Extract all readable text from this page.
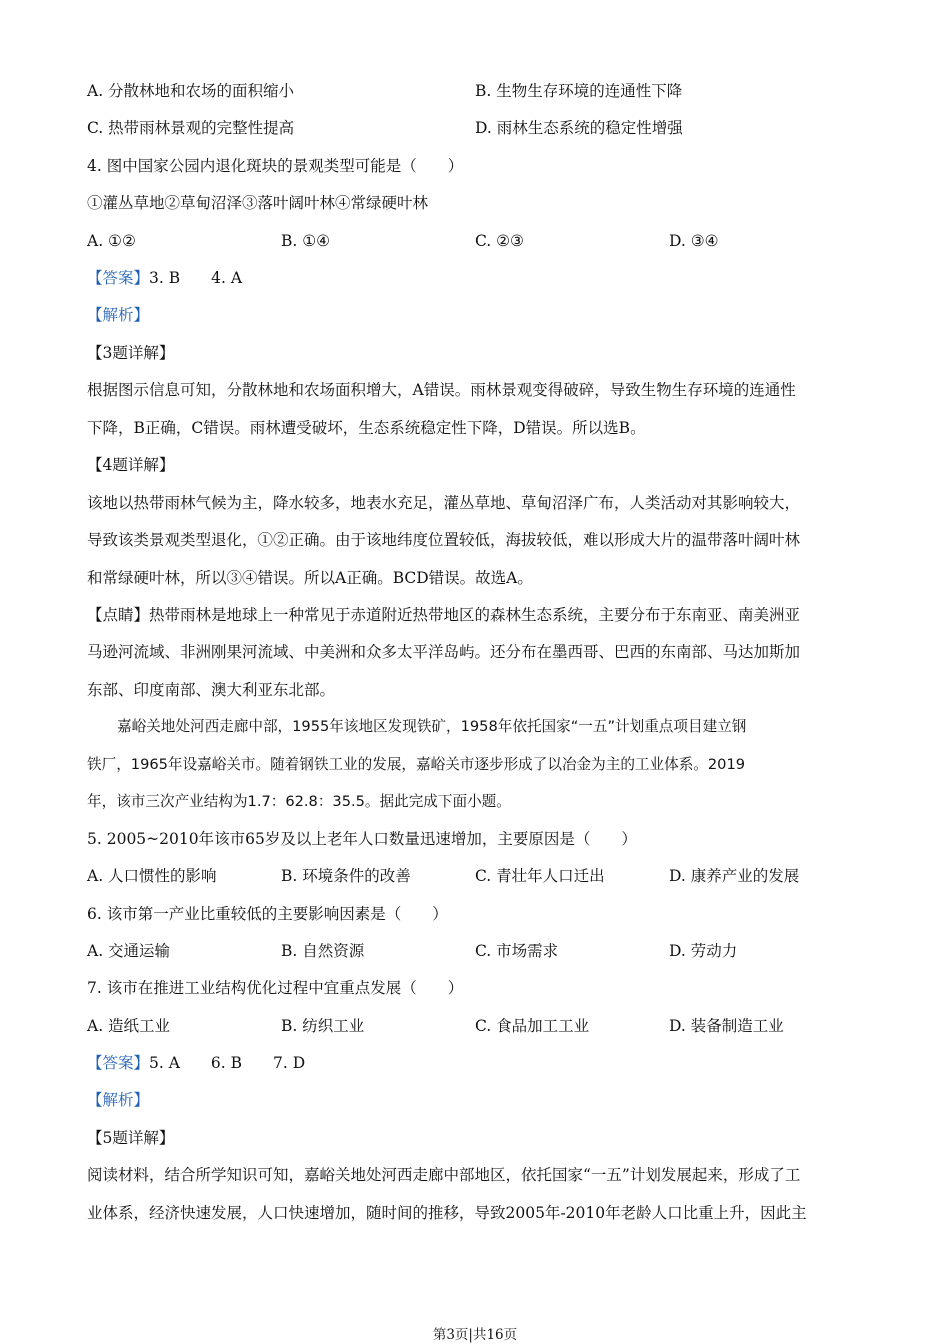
A. 分散林地和农场的面积缩小	B. 生物生存环境的连通性下降
C. 热带雨林景观的完整性提高	D. 雨林生态系统的稳定性增强
4. 图中国家公园内退化斑块的景观类型可能是（　　）
①灌丛草地②草甸沼泽③落叶阔叶林④常绿硬叶林
A. ①②	B. ①④	C. ②③	D. ③④
【答案】3. B　　4. A
【解析】
【3题详解】
根据图示信息可知，分散林地和农场面积增大，A错误。雨林景观变得破碎，导致生物生存环境的连通性
下降，B正确，C错误。雨林遭受破坏，生态系统稳定性下降，D错误。所以选B。
【4题详解】
该地以热带雨林气候为主，降水较多，地表水充足，灌丛草地、草甸沼泽广布，人类活动对其影响较大，
导致该类景观类型退化，①②正确。由于该地纬度位置较低，海拔较低，难以形成大片的温带落叶阔叶林
和常绿硬叶林，所以③④错误。所以A正确。BCD错误。故选A。
【点睛】热带雨林是地球上一种常见于赤道附近热带地区的森林生态系统，主要分布于东南亚、南美洲亚
马逊河流域、非洲刚果河流域、中美洲和众多太平洋岛屿。还分布在墨西哥、巴西的东南部、马达加斯加
东部、印度南部、澳大利亚东北部。
嘉峪关地处河西走廊中部，1955年该地区发现铁矿，1958年依托国家“一五”计划重点项目建立钢
铁厂，1965年设嘉峪关市。随着钢铁工业的发展，嘉峪关市逐步形成了以冶金为主的工业体系。2019
年，该市三次产业结构为1.7：62.8：35.5。据此完成下面小题。
5. 2005~2010年该市65岁及以上老年人口数量迅速增加，主要原因是（　　）
A. 人口惯性的影响	B. 环境条件的改善	C. 青壮年人口迁出	D. 康养产业的发展
6. 该市第一产业比重较低的主要影响因素是（　　）
A. 交通运输	B. 自然资源	C. 市场需求	D. 劳动力
7. 该市在推进工业结构优化过程中宜重点发展（　　）
A. 造纸工业	B. 纺织工业	C. 食品加工工业	D. 装备制造工业
【答案】5. A　　6. B　　7. D
【解析】
【5题详解】
阅读材料，结合所学知识可知，嘉峪关地处河西走廊中部地区，依托国家“一五”计划发展起来，形成了工
业体系，经济快速发展，人口快速增加，随时间的推移，导致2005年-2010年老龄人口比重上升，因此主
第3页|共16页
